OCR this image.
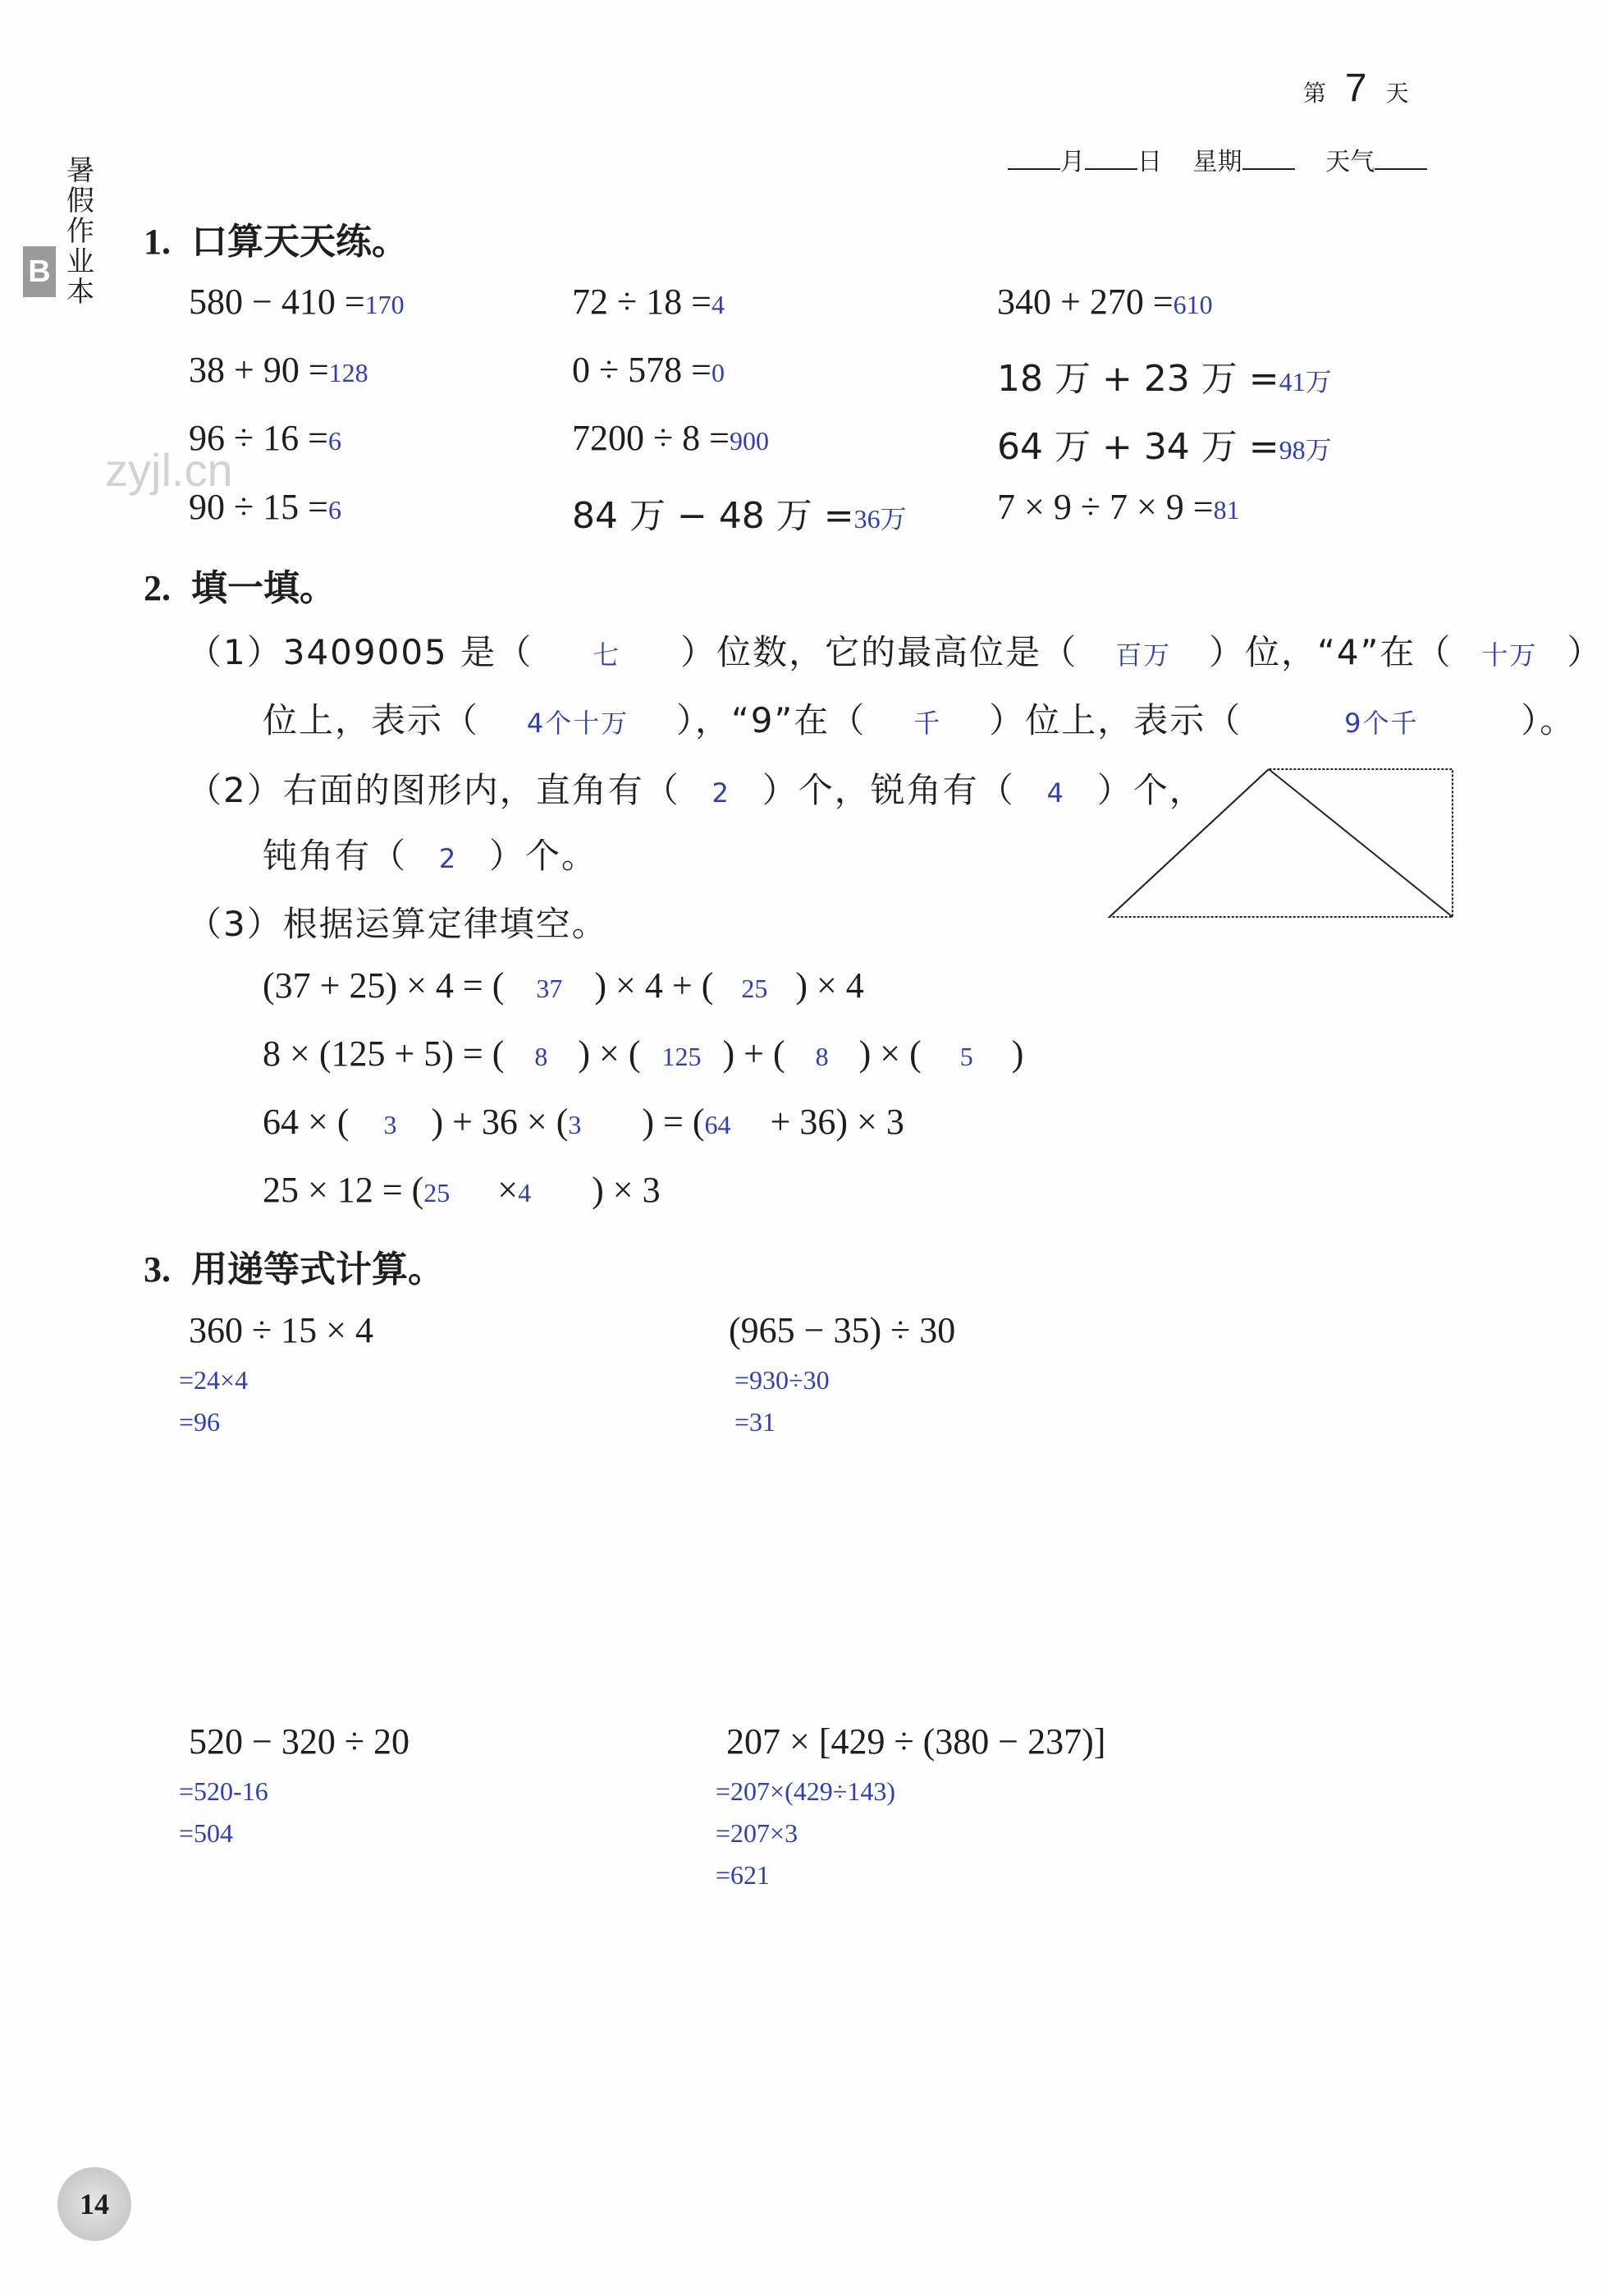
第 7 天
月 日 星期	天气
暑假作业本
B
zyjl.cn
1. 口算天天练。
580 − 410 =170	72 ÷ 18 =4	340 + 270 =610
38 + 90 =128	0 ÷ 578 =0	18 万 + 23 万 =41万
96 ÷ 16 =6	7200 ÷ 8 =900	64 万 + 34 万 =98万
90 ÷ 15 =6	84 万 − 48 万 =36万	7 × 9 ÷ 7 × 9 =81
2. 填一填。
（1）3409005 是（ 七 ）位数，它的最高位是（ 百万 ）位，“4”在（ 十万 ）
位上，表示（ 4个十万 ），“9”在（ 千 ）位上，表示（	9个千	）。
（2）右面的图形内，直角有（ 2 ）个，锐角有（ 4 ）个，
钝角有（ 2 ）个。
（3）根据运算定律填空。
(37 + 25) × 4 = ( 37 ) × 4 + ( 25 ) × 4
8 × (125 + 5) = ( 8 ) × ( 125 ) + ( 8 ) × ( 5 )
64 × ( 3 ) + 36 × (3 ) = (64 + 36) × 3
25 × 12 = (25 ×4 ) × 3
3. 用递等式计算。
360 ÷ 15 × 4
=24×4
=96
(965 − 35) ÷ 30
=930÷30
=31
520 − 320 ÷ 20
=520-16
=504
207 × [429 ÷ (380 − 237)]
=207×(429÷143)
=207×3
=621
14
